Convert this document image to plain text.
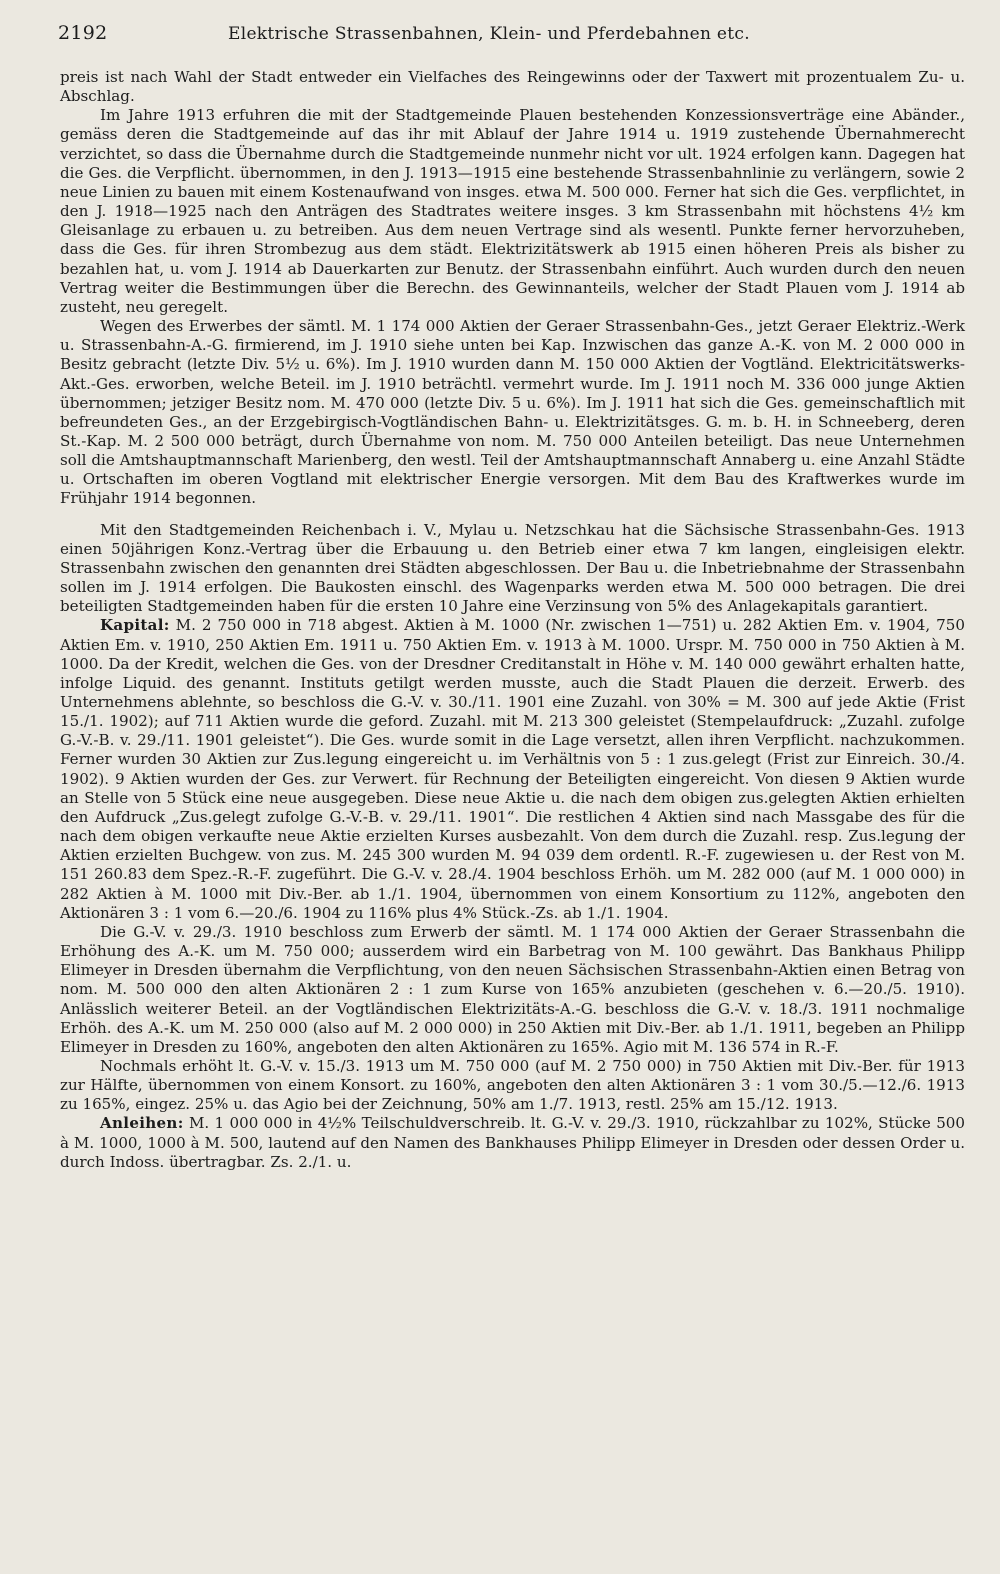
2192	Elektrische Strassenbahnen, Klein- und Pferdebahnen etc.

preis ist nach Wahl der Stadt entweder ein Vielfaches des Reingewinns oder der Taxwert mit prozentualem Zu- u. Abschlag.

Im Jahre 1913 erfuhren die mit der Stadtgemeinde Plauen bestehenden Konzessionsverträge eine Abänder., gemäss deren die Stadtgemeinde auf das ihr mit Ablauf der Jahre 1914 u. 1919 zustehende Übernahmerecht verzichtet, so dass die Übernahme durch die Stadtgemeinde nunmehr nicht vor ult. 1924 erfolgen kann. Dagegen hat die Ges. die Verpflicht. übernommen, in den J. 1913—1915 eine bestehende Strassenbahnlinie zu verlängern, sowie 2 neue Linien zu bauen mit einem Kostenaufwand von insges. etwa M. 500 000. Ferner hat sich die Ges. verpflichtet, in den J. 1918—1925 nach den Anträgen des Stadtrates weitere insges. 3 km Strassenbahn mit höchstens 4½ km Gleisanlage zu erbauen u. zu betreiben. Aus dem neuen Vertrage sind als wesentl. Punkte ferner hervorzuheben, dass die Ges. für ihren Strombezug aus dem städt. Elektrizitätswerk ab 1915 einen höheren Preis als bisher zu bezahlen hat, u. vom J. 1914 ab Dauerkarten zur Benutz. der Strassenbahn einführt. Auch wurden durch den neuen Vertrag weiter die Bestimmungen über die Berechn. des Gewinnanteils, welcher der Stadt Plauen vom J. 1914 ab zusteht, neu geregelt.

Wegen des Erwerbes der sämtl. M. 1 174 000 Aktien der Geraer Strassenbahn-Ges., jetzt Geraer Elektriz.-Werk u. Strassenbahn-A.-G. firmierend, im J. 1910 siehe unten bei Kap. Inzwischen das ganze A.-K. von M. 2 000 000 in Besitz gebracht (letzte Div. 5½ u. 6%). Im J. 1910 wurden dann M. 150 000 Aktien der Vogtländ. Elektricitätswerks-Akt.-Ges. erworben, welche Beteil. im J. 1910 beträchtl. vermehrt wurde. Im J. 1911 noch M. 336 000 junge Aktien übernommen; jetziger Besitz nom. M. 470 000 (letzte Div. 5 u. 6%). Im J. 1911 hat sich die Ges. gemeinschaftlich mit befreundeten Ges., an der Erzgebirgisch-Vogtländischen Bahn- u. Elektrizitätsges. G. m. b. H. in Schneeberg, deren St.-Kap. M. 2 500 000 beträgt, durch Übernahme von nom. M. 750 000 Anteilen beteiligt. Das neue Unternehmen soll die Amtshauptmannschaft Marienberg, den westl. Teil der Amtshauptmannschaft Annaberg u. eine Anzahl Städte u. Ortschaften im oberen Vogtland mit elektrischer Energie versorgen. Mit dem Bau des Kraftwerkes wurde im Frühjahr 1914 begonnen.

Mit den Stadtgemeinden Reichenbach i. V., Mylau u. Netzschkau hat die Sächsische Strassenbahn-Ges. 1913 einen 50jährigen Konz.-Vertrag über die Erbauung u. den Betrieb einer etwa 7 km langen, eingleisigen elektr. Strassenbahn zwischen den genannten drei Städten abgeschlossen. Der Bau u. die Inbetriebnahme der Strassenbahn sollen im J. 1914 erfolgen. Die Baukosten einschl. des Wagenparks werden etwa M. 500 000 betragen. Die drei beteiligten Stadtgemeinden haben für die ersten 10 Jahre eine Verzinsung von 5% des Anlagekapitals garantiert.

Kapital: M. 2 750 000 in 718 abgest. Aktien à M. 1000 (Nr. zwischen 1—751) u. 282 Aktien Em. v. 1904, 750 Aktien Em. v. 1910, 250 Aktien Em. 1911 u. 750 Aktien Em. v. 1913 à M. 1000. Urspr. M. 750 000 in 750 Aktien à M. 1000. Da der Kredit, welchen die Ges. von der Dresdner Creditanstalt in Höhe v. M. 140 000 gewährt erhalten hatte, infolge Liquid. des genannt. Instituts getilgt werden musste, auch die Stadt Plauen die derzeit. Erwerb. des Unternehmens ablehnte, so beschloss die G.-V. v. 30./11. 1901 eine Zuzahl. von 30% = M. 300 auf jede Aktie (Frist 15./1. 1902); auf 711 Aktien wurde die geford. Zuzahl. mit M. 213 300 geleistet (Stempelaufdruck: „Zuzahl. zufolge G.-V.-B. v. 29./11. 1901 geleistet“). Die Ges. wurde somit in die Lage versetzt, allen ihren Verpflicht. nachzukommen. Ferner wurden 30 Aktien zur Zus.legung eingereicht u. im Verhältnis von 5 : 1 zus.gelegt (Frist zur Einreich. 30./4. 1902). 9 Aktien wurden der Ges. zur Verwert. für Rechnung der Beteiligten eingereicht. Von diesen 9 Aktien wurde an Stelle von 5 Stück eine neue ausgegeben. Diese neue Aktie u. die nach dem obigen zus.gelegten Aktien erhielten den Aufdruck „Zus.gelegt zufolge G.-V.-B. v. 29./11. 1901“. Die restlichen 4 Aktien sind nach Massgabe des für die nach dem obigen verkaufte neue Aktie erzielten Kurses ausbezahlt. Von dem durch die Zuzahl. resp. Zus.legung der Aktien erzielten Buchgew. von zus. M. 245 300 wurden M. 94 039 dem ordentl. R.-F. zugewiesen u. der Rest von M. 151 260.83 dem Spez.-R.-F. zugeführt. Die G.-V. v. 28./4. 1904 beschloss Erhöh. um M. 282 000 (auf M. 1 000 000) in 282 Aktien à M. 1000 mit Div.-Ber. ab 1./1. 1904, übernommen von einem Konsortium zu 112%, angeboten den Aktionären 3 : 1 vom 6.—20./6. 1904 zu 116% plus 4% Stück.-Zs. ab 1./1. 1904.

Die G.-V. v. 29./3. 1910 beschloss zum Erwerb der sämtl. M. 1 174 000 Aktien der Geraer Strassenbahn die Erhöhung des A.-K. um M. 750 000; ausserdem wird ein Barbetrag von M. 100 gewährt. Das Bankhaus Philipp Elimeyer in Dresden übernahm die Verpflichtung, von den neuen Sächsischen Strassenbahn-Aktien einen Betrag von nom. M. 500 000 den alten Aktionären 2 : 1 zum Kurse von 165% anzubieten (geschehen v. 6.—20./5. 1910). Anlässlich weiterer Beteil. an der Vogtländischen Elektrizitäts-A.-G. beschloss die G.-V. v. 18./3. 1911 nochmalige Erhöh. des A.-K. um M. 250 000 (also auf M. 2 000 000) in 250 Aktien mit Div.-Ber. ab 1./1. 1911, begeben an Philipp Elimeyer in Dresden zu 160%, angeboten den alten Aktionären zu 165%. Agio mit M. 136 574 in R.-F.

Nochmals erhöht lt. G.-V. v. 15./3. 1913 um M. 750 000 (auf M. 2 750 000) in 750 Aktien mit Div.-Ber. für 1913 zur Hälfte, übernommen von einem Konsort. zu 160%, angeboten den alten Aktionären 3 : 1 vom 30./5.—12./6. 1913 zu 165%, eingez. 25% u. das Agio bei der Zeichnung, 50% am 1./7. 1913, restl. 25% am 15./12. 1913.

Anleihen: M. 1 000 000 in 4½% Teilschuldverschreib. lt. G.-V. v. 29./3. 1910, rückzahlbar zu 102%, Stücke 500 à M. 1000, 1000 à M. 500, lautend auf den Namen des Bankhauses Philipp Elimeyer in Dresden oder dessen Order u. durch Indoss. übertragbar. Zs. 2./1. u.
